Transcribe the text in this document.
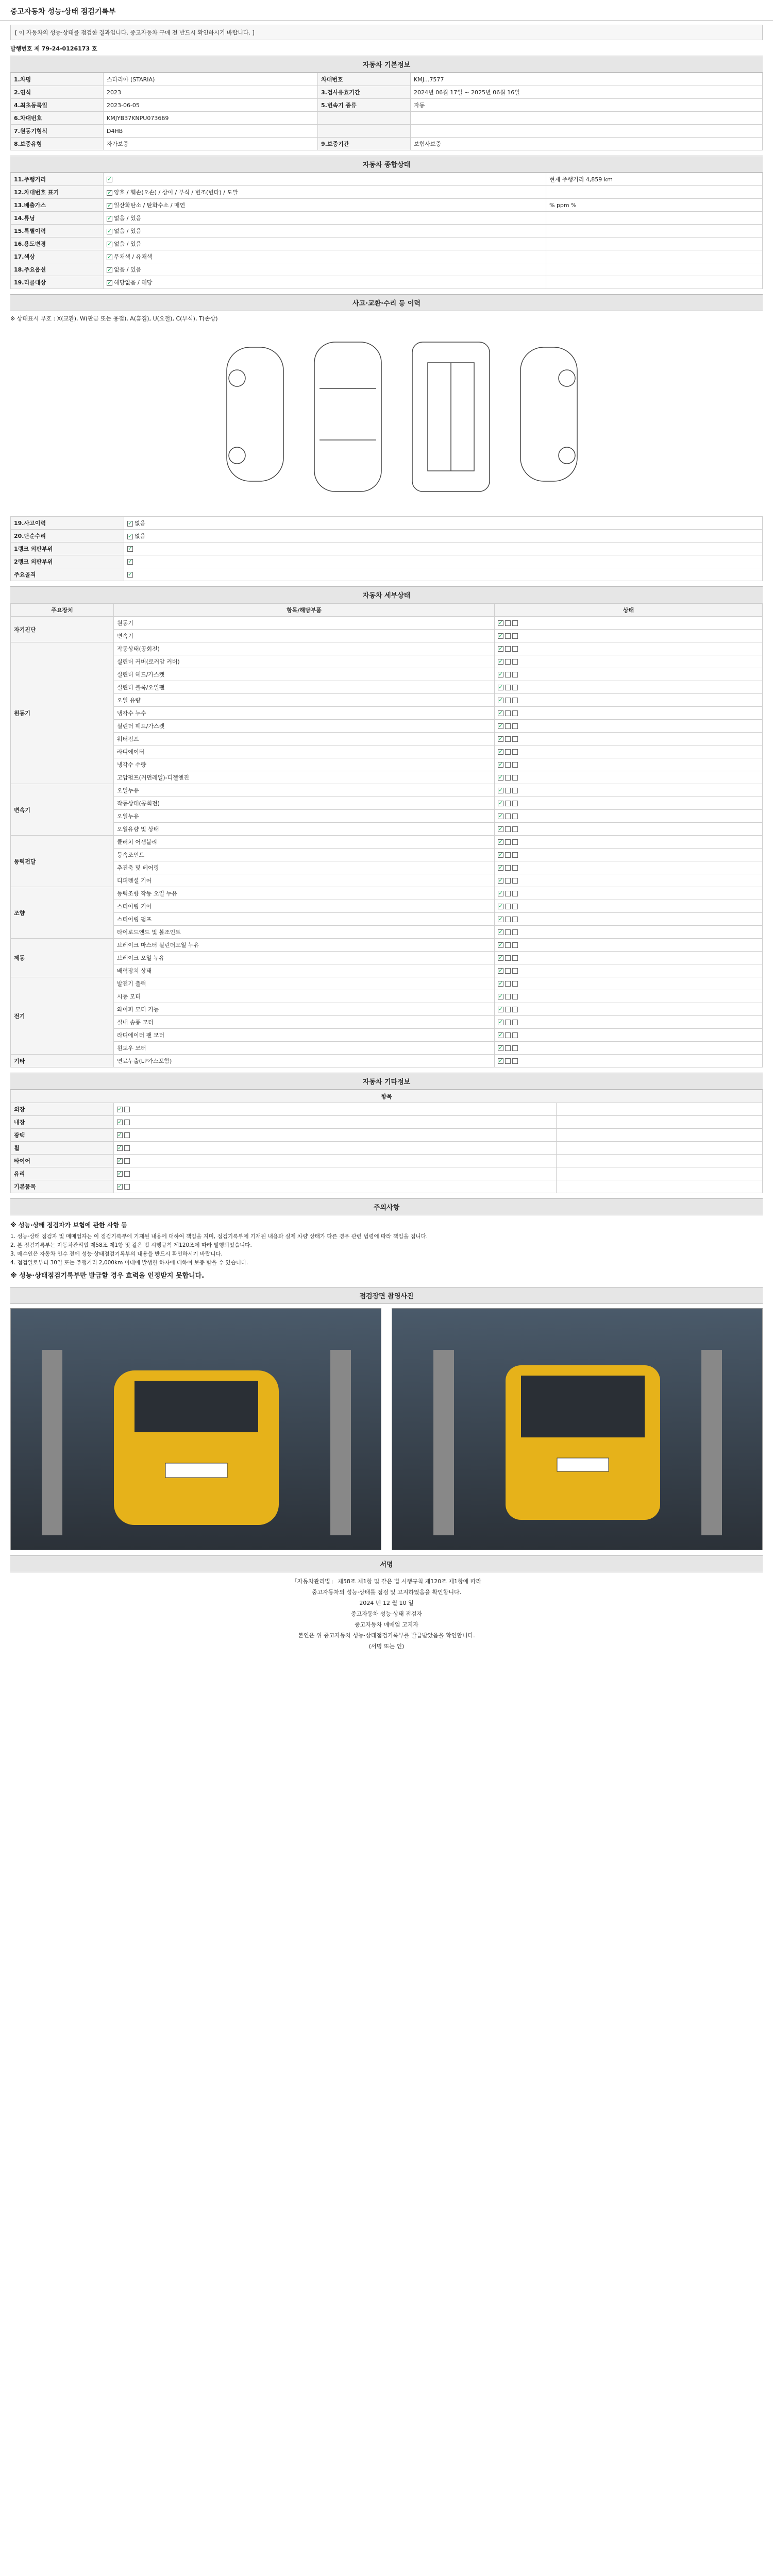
중고자동차 성능·상태 점검기록부
[ 이 자동차의 성능·상태를 점검한 결과입니다. 중고자동차 구매 전 반드시 확인하시기 바랍니다. ]
발행번호 제 79-24-0126173 호
자동차 기본정보
1.차명	스타리아 (STARIA)	차대번호	KMJ...7577
2.연식	2023	3.검사유효기간	2024년 06월 17일 ~ 2025년 06월 16일
4.최초등록일	2023-06-05	5.변속기 종류	자동
6.차대번호	KMJYB37KNPU073669		
7.원동기형식	D4HB		
8.보증유형	자가보증	9.보증기간	보험사보증
자동차 종합상태
11.주행거리	✓	현재 주행거리 4,859 km
12.차대번호 표기	✓양호 / 훼손(오손) / 상이 / 부식 / 변조(변타) / 도말	
13.배출가스	✓일산화탄소 / 탄화수소 / 매연	% ppm %
14.튜닝	✓없음 / 있음	
15.특별이력	✓없음 / 있음	
16.용도변경	✓없음 / 있음	
17.색상	✓무채색 / 유채색	
18.주요옵션	✓없음 / 있음	
19.리콜대상	✓해당없음 / 해당	
사고·교환·수리 등 이력
※ 상태표시 부호 : X(교환), W(판금 또는 용접), A(흠집), U(요철), C(부식), T(손상)
19.사고이력	✓없음
20.단순수리	✓없음
1랭크 외판부위	✓
2랭크 외판부위	✓
주요골격	✓
자동차 세부상태
주요장치	항목/해당부품	상태
자기진단	원동기	✓
	변속기	✓
원동기	작동상태(공회전)	✓
	실린더 커버(로커암 커버)	✓
	실린더 헤드/가스켓	✓
	실린더 블록/오일팬	✓
	오일 유량	✓
	냉각수 누수	✓
	실린더 헤드/가스켓	✓
	워터펌프	✓
	라디에이터	✓
	냉각수 수량	✓
	고압펌프(커먼레일)-디젤엔진	✓
변속기	오일누유	✓
	작동상태(공회전)	✓
	오일누유	✓
	오일유량 및 상태	✓
동력전달	클러치 어셈블리	✓
	등속조인트	✓
	추진축 및 베어링	✓
	디퍼렌셜 기어	✓
조향	동력조향 작동 오일 누유	✓
	스티어링 기어	✓
	스티어링 펌프	✓
	타이로드엔드 및 볼조인트	✓
제동	브레이크 마스터 실린더오일 누유	✓
	브레이크 오일 누유	✓
	배력장치 상태	✓
전기	발전기 출력	✓
	시동 모터	✓
	와이퍼 모터 기능	✓
	실내 송풍 모터	✓
	라디에이터 팬 모터	✓
	윈도우 모터	✓
기타	연료누출(LP가스포함)	✓
자동차 기타정보
항목		
외장	✓	
내장	✓	
광택	✓	
휠	✓	
타이어	✓	
유리	✓	
기본품목	✓	
주의사항
※ 성능·상태 점검자가 보험에 관한 사항 등
1. 성능·상태 점검자 및 매매업자는 이 점검기록부에 기재된 내용에 대하여 책임을 지며, 점검기록부에 기재된 내용과 실제 차량 상태가 다른 경우 관련 법령에 따라 책임을 집니다.
2. 본 점검기록부는 자동차관리법 제58조 제1항 및 같은 법 시행규칙 제120조에 따라 발행되었습니다.
3. 매수인은 자동차 인수 전에 성능·상태점검기록부의 내용을 반드시 확인하시기 바랍니다.
4. 점검일로부터 30일 또는 주행거리 2,000km 이내에 발생한 하자에 대하여 보증 받을 수 있습니다.
※ 성능·상태점검기록부만 발급할 경우 효력을 인정받지 못합니다.
점검장면 촬영사진
서명
「자동차관리법」 제58조 제1항 및 같은 법 시행규칙 제120조 제1항에 따라
중고자동차의 성능·상태를 점검 및 고지하였음을 확인합니다.
2024 년 12 월 10 일
중고자동차 성능·상태 점검자
중고자동차 매매업 고지자
본인은 위 중고자동차 성능·상태점검기록부를 발급받았음을 확인합니다.
(서명 또는 인)
